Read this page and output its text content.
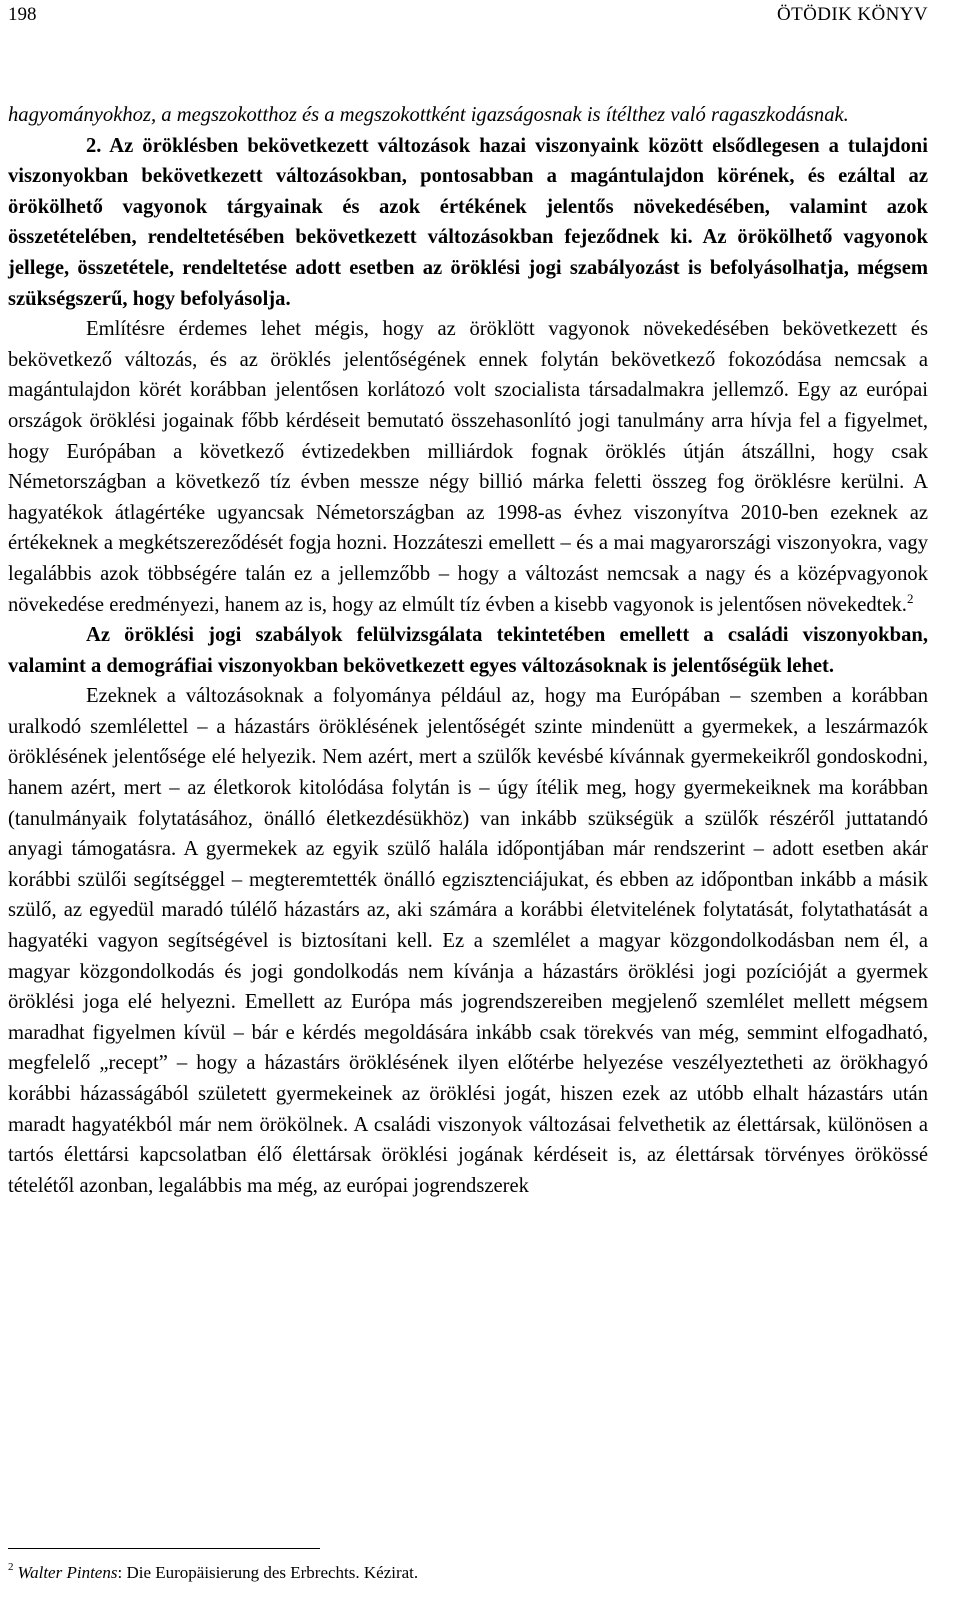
198	ÖTÖDIK KÖNYV

hagyományokhoz, a megszokotthoz és a megszokottként igazságosnak is ítélthez való ragaszkodásnak.

2. Az öröklésben bekövetkezett változások hazai viszonyaink között elsődlegesen a tulajdoni viszonyokban bekövetkezett változásokban, pontosabban a magántulajdon körének, és ezáltal az örökölhető vagyonok tárgyainak és azok értékének jelentős növekedésében, valamint azok összetételében, rendeltetésében bekövetkezett változásokban fejeződnek ki. Az örökölhető vagyonok jellege, összetétele, rendeltetése adott esetben az öröklési jogi szabályozást is befolyásolhatja, mégsem szükségszerű, hogy befolyásolja.

Említésre érdemes lehet mégis, hogy az öröklött vagyonok növekedésében bekövetkezett és bekövetkező változás, és az öröklés jelentőségének ennek folytán bekövetkező fokozódása nemcsak a magántulajdon körét korábban jelentősen korlátozó volt szocialista társadalmakra jellemző. Egy az európai országok öröklési jogainak főbb kérdéseit bemutató összehasonlító jogi tanulmány arra hívja fel a figyelmet, hogy Európában a következő évtizedekben milliárdok fognak öröklés útján átszállni, hogy csak Németországban a következő tíz évben messze négy billió márka feletti összeg fog öröklésre kerülni. A hagyatékok átlagértéke ugyancsak Németországban az 1998-as évhez viszonyítva 2010-ben ezeknek az értékeknek a megkétszereződését fogja hozni. Hozzáteszi emellett – és a mai magyarországi viszonyokra, vagy legalábbis azok többségére talán ez a jellemzőbb – hogy a változást nemcsak a nagy és a középvagyonok növekedése eredményezi, hanem az is, hogy az elmúlt tíz évben a kisebb vagyonok is jelentősen növekedtek.$^2$

Az öröklési jogi szabályok felülvizsgálata tekintetében emellett a családi viszonyokban, valamint a demográfiai viszonyokban bekövetkezett egyes változásoknak is jelentőségük lehet.

Ezeknek a változásoknak a folyománya például az, hogy ma Európában – szemben a korábban uralkodó szemlélettel – a házastárs öröklésének jelentőségét szinte mindenütt a gyermekek, a leszármazók öröklésének jelentősége elé helyezik. Nem azért, mert a szülők kevésbé kívánnak gyermekeikről gondoskodni, hanem azért, mert – az életkorok kitolódása folytán is – úgy ítélik meg, hogy gyermekeiknek ma korábban (tanulmányaik folytatásához, önálló életkezdésükhöz) van inkább szükségük a szülők részéről juttatandó anyagi támogatásra. A gyermekek az egyik szülő halála időpontjában már rendszerint – adott esetben akár korábbi szülői segítséggel – megteremtették önálló egzisztenciájukat, és ebben az időpontban inkább a másik szülő, az egyedül maradó túlélő házastárs az, aki számára a korábbi életvitelének folytatását, folytathatását a hagyatéki vagyon segítségével is biztosítani kell. Ez a szemlélet a magyar közgondolkodásban nem él, a magyar közgondolkodás és jogi gondolkodás nem kívánja a házastárs öröklési jogi pozícióját a gyermek öröklési joga elé helyezni. Emellett az Európa más jogrendszereiben megjelenő szemlélet mellett mégsem maradhat figyelmen kívül – bár e kérdés megoldására inkább csak törekvés van még, semmint elfogadható, megfelelő „recept” – hogy a házastárs öröklésének ilyen előtérbe helyezése veszélyeztetheti az örökhagyó korábbi házasságából született gyermekeinek az öröklési jogát, hiszen ezek az utóbb elhalt házastárs után maradt hagyatékból már nem örökölnek. A családi viszonyok változásai felvethetik az élettársak, különösen a tartós élettársi kapcsolatban élő élettársak öröklési jogának kérdéseit is, az élettársak törvényes örökössé tételétől azonban, legalábbis ma még, az európai jogrendszerek

$^2$ Walter Pintens: Die Europäisierung des Erbrechts. Kézirat.
